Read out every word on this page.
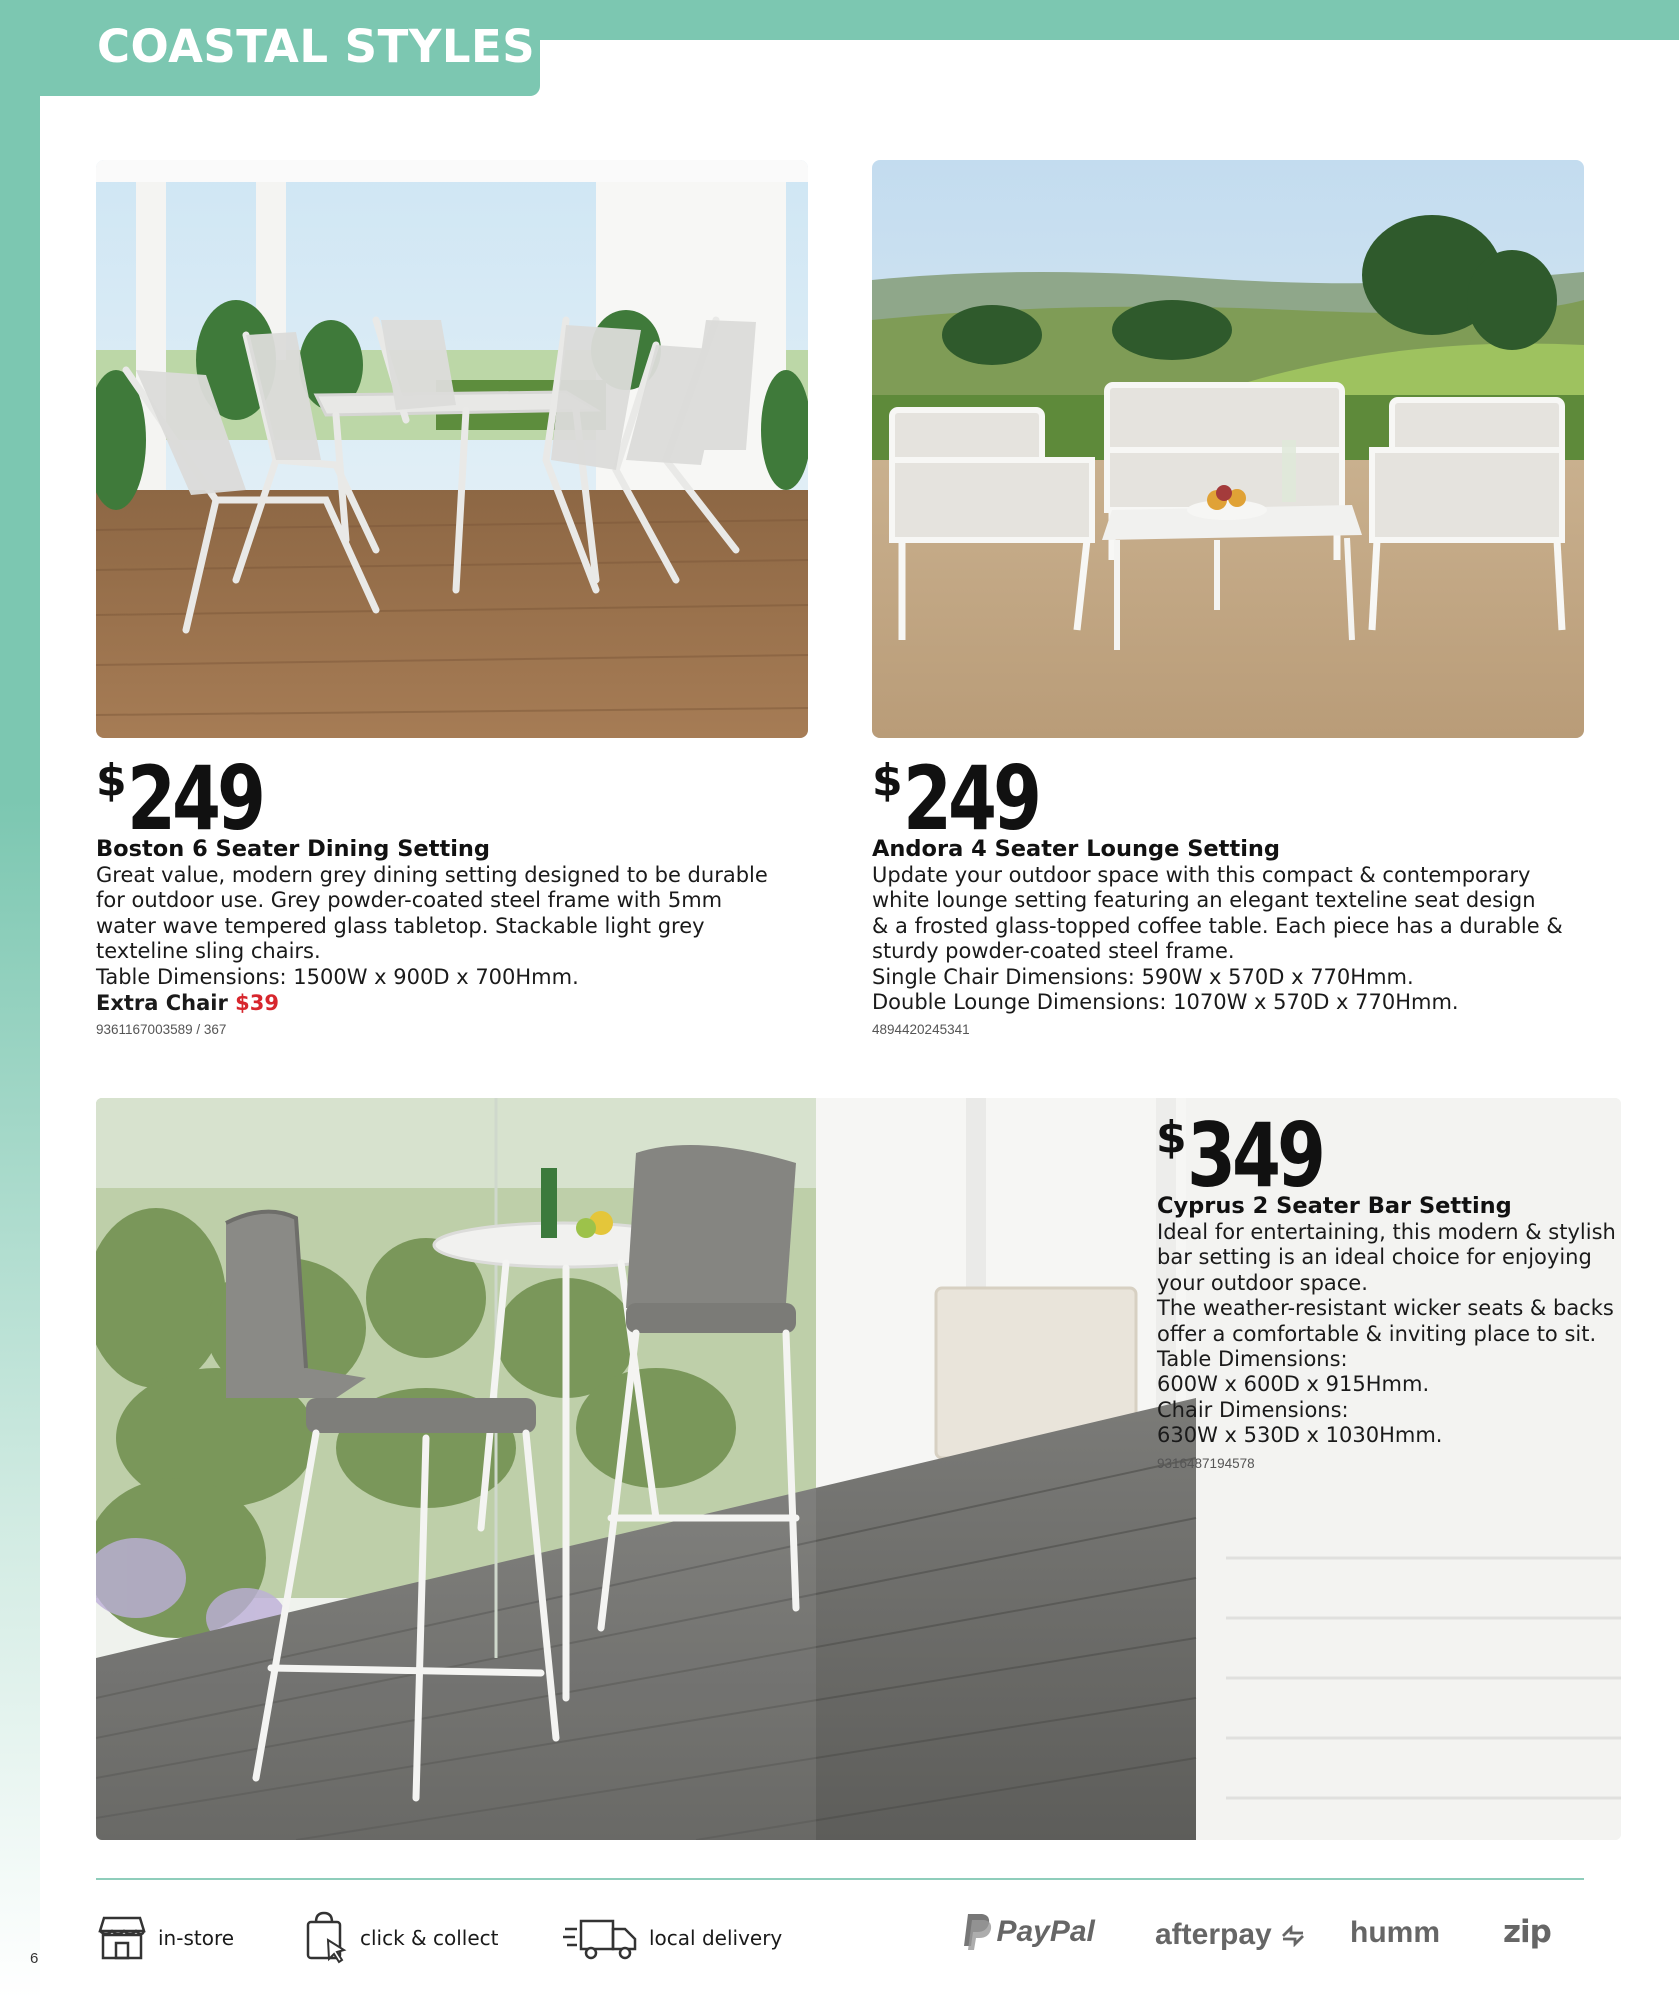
COASTAL STYLES
$249
Boston 6 Seater Dining Setting
Great value, modern grey dining setting designed to be durable
for outdoor use. Grey powder-coated steel frame with 5mm
water wave tempered glass tabletop. Stackable light grey
texteline sling chairs.
Table Dimensions: 1500W x 900D x 700Hmm.
Extra Chair $39
9361167003589 / 367
$249
Andora 4 Seater Lounge Setting
Update your outdoor space with this compact & contemporary
white lounge setting featuring an elegant texteline seat design
& a frosted glass-topped coffee table. Each piece has a durable &
sturdy powder-coated steel frame.
Single Chair Dimensions: 590W x 570D x 770Hmm.
Double Lounge Dimensions: 1070W x 570D x 770Hmm.
4894420245341
$349
Cyprus 2 Seater Bar Setting
Ideal for entertaining, this modern & stylish
bar setting is an ideal choice for enjoying
your outdoor space.
The weather-resistant wicker seats & backs
offer a comfortable & inviting place to sit.
Table Dimensions:
600W x 600D x 915Hmm.
Chair Dimensions:
630W x 530D x 1030Hmm.
9316487194578
in-store	click & collect	local delivery	PayPal afterpay	humm zip
6
